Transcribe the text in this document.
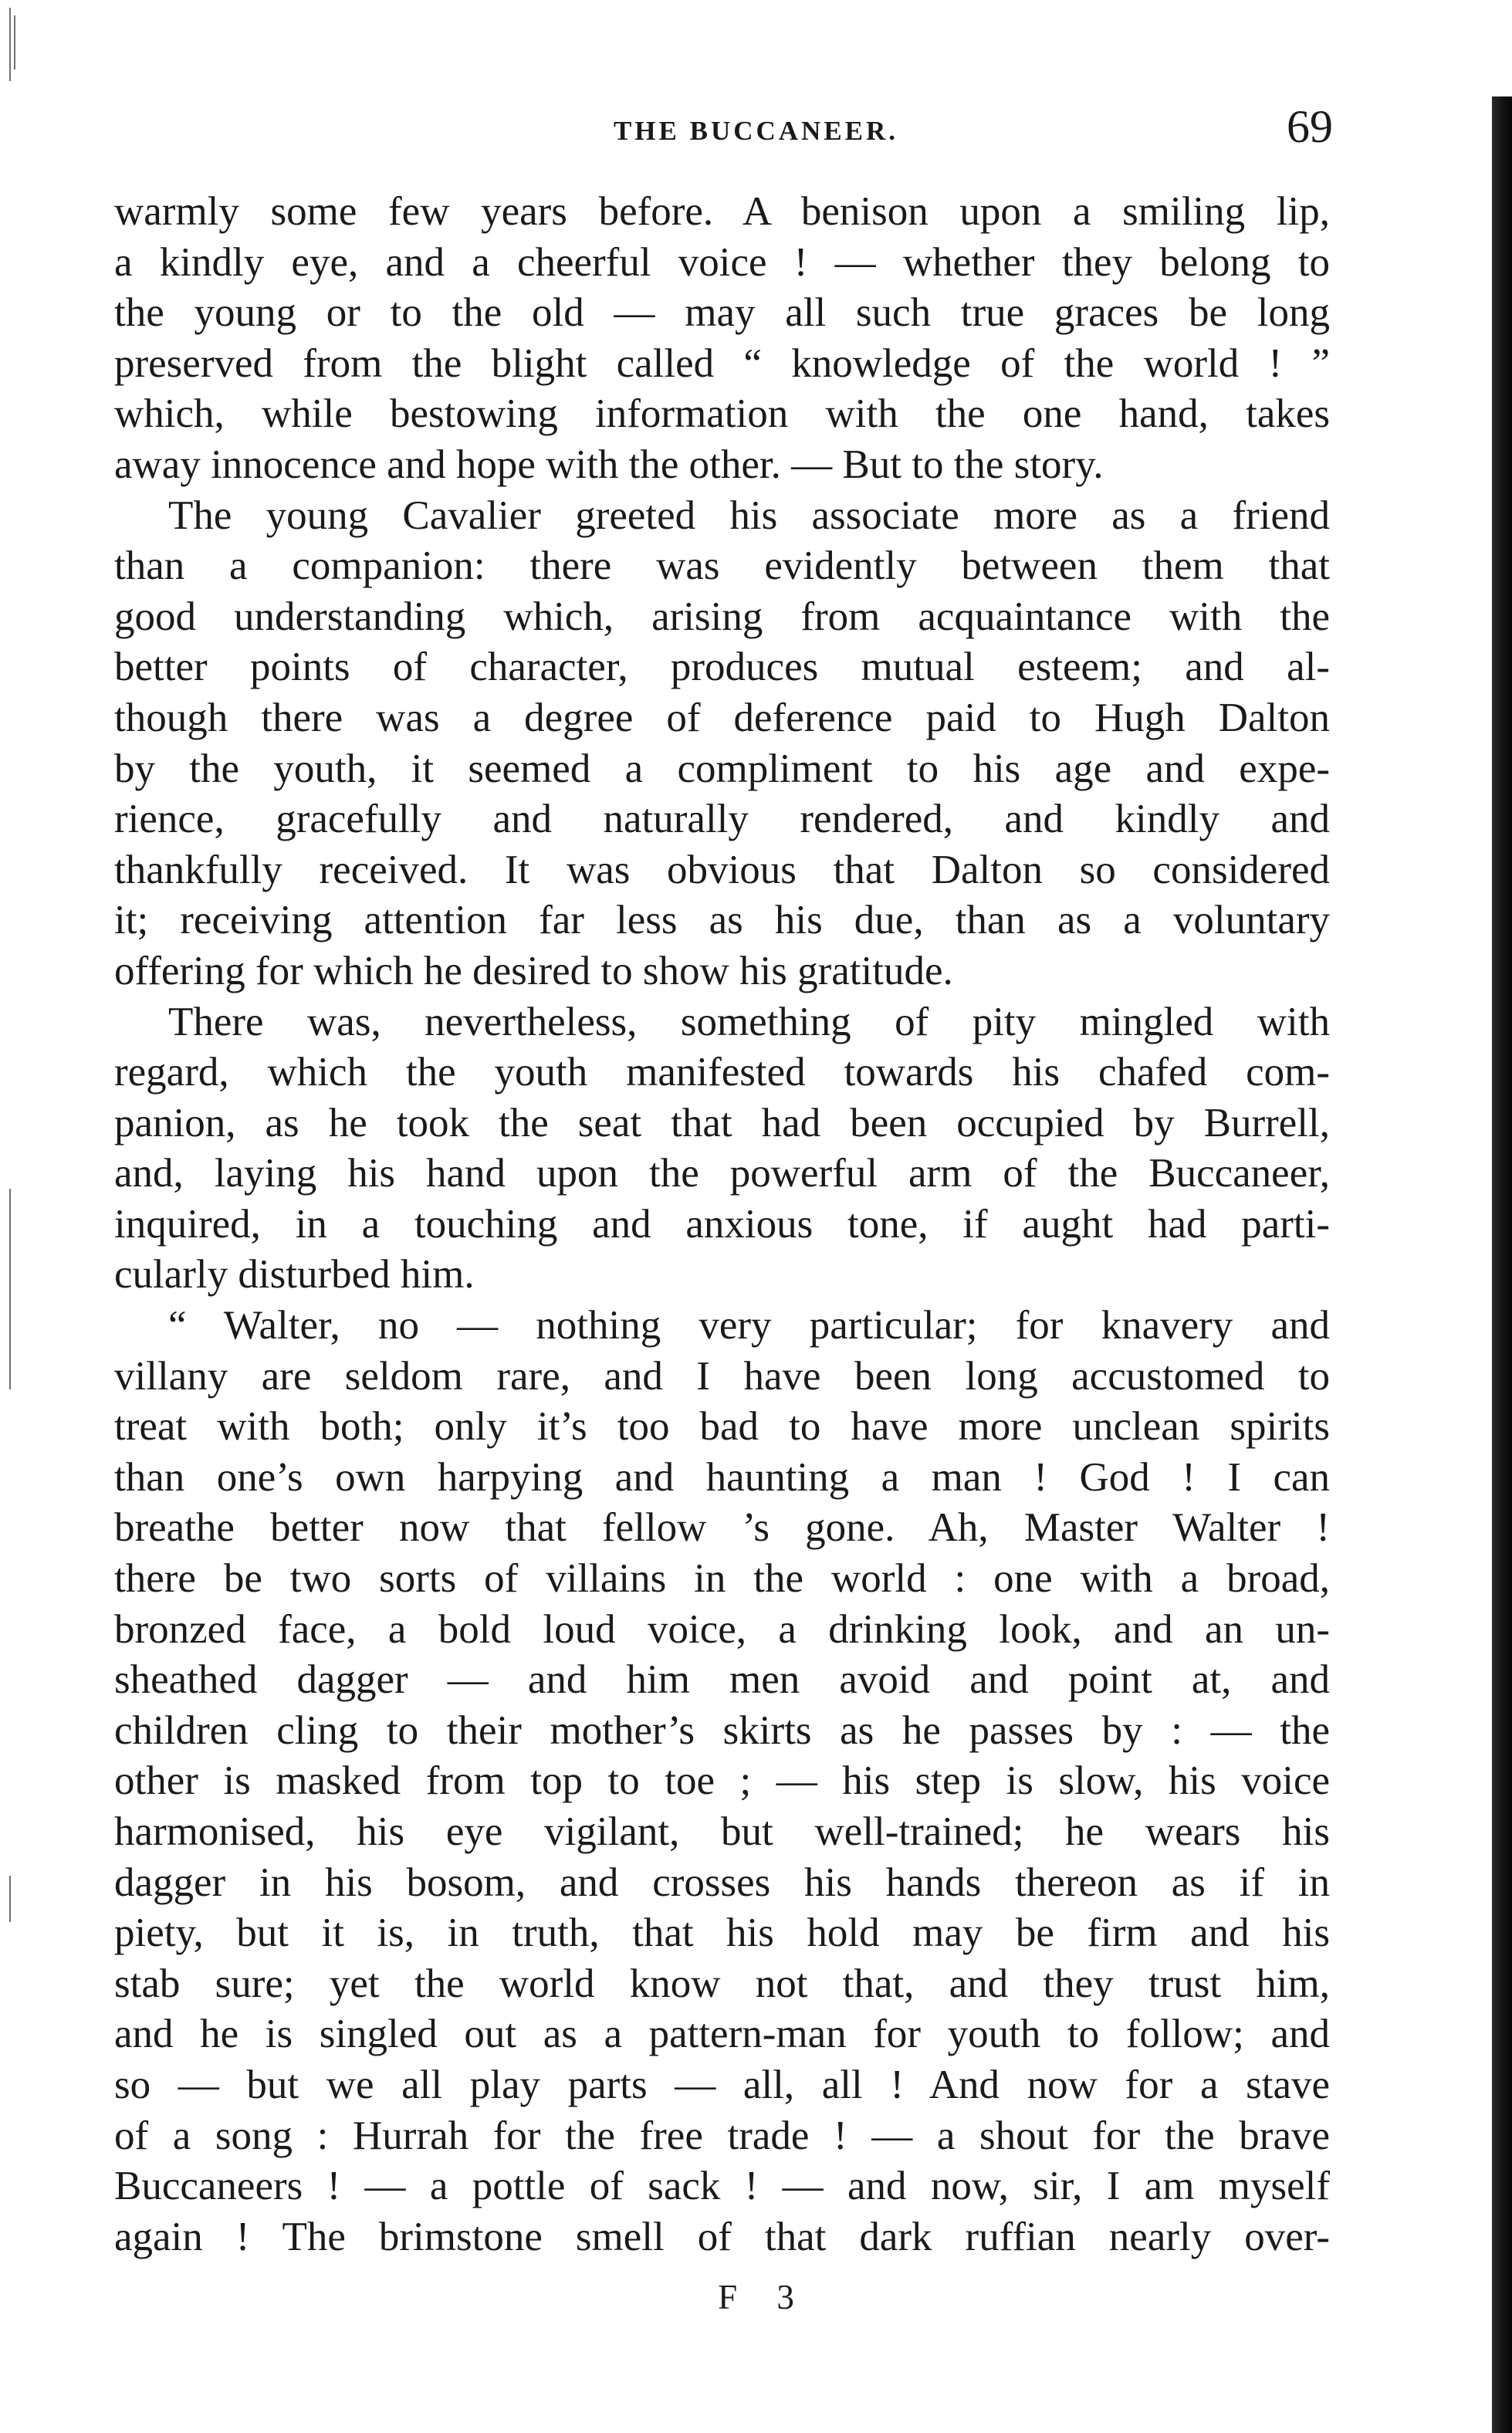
THE BUCCANEER.	69
warmly some few years before. A benison upon a smiling lip,
a kindly eye, and a cheerful voice ! — whether they belong to
the young or to the old — may all such true graces be long
preserved from the blight called “ knowledge of the world ! ”
which, while bestowing information with the one hand, takes
away innocence and hope with the other. — But to the story.
The young Cavalier greeted his associate more as a friend
than a companion: there was evidently between them that
good understanding which, arising from acquaintance with the
better points of character, produces mutual esteem; and al-
though there was a degree of deference paid to Hugh Dalton
by the youth, it seemed a compliment to his age and expe-
rience, gracefully and naturally rendered, and kindly and
thankfully received. It was obvious that Dalton so considered
it; receiving attention far less as his due, than as a voluntary
offering for which he desired to show his gratitude.
There was, nevertheless, something of pity mingled with
regard, which the youth manifested towards his chafed com-
panion, as he took the seat that had been occupied by Burrell,
and, laying his hand upon the powerful arm of the Buccaneer,
inquired, in a touching and anxious tone, if aught had parti-
cularly disturbed him.
“ Walter, no — nothing very particular; for knavery and
villany are seldom rare, and I have been long accustomed to
treat with both; only it’s too bad to have more unclean spirits
than one’s own harpying and haunting a man ! God ! I can
breathe better now that fellow ’s gone. Ah, Master Walter !
there be two sorts of villains in the world : one with a broad,
bronzed face, a bold loud voice, a drinking look, and an un-
sheathed dagger — and him men avoid and point at, and
children cling to their mother’s skirts as he passes by : — the
other is masked from top to toe ; — his step is slow, his voice
harmonised, his eye vigilant, but well-trained; he wears his
dagger in his bosom, and crosses his hands thereon as if in
piety, but it is, in truth, that his hold may be firm and his
stab sure; yet the world know not that, and they trust him,
and he is singled out as a pattern-man for youth to follow; and
so — but we all play parts — all, all ! And now for a stave
of a song : Hurrah for the free trade ! — a shout for the brave
Buccaneers ! — a pottle of sack ! — and now, sir, I am myself
again ! The brimstone smell of that dark ruffian nearly over-
F 3
